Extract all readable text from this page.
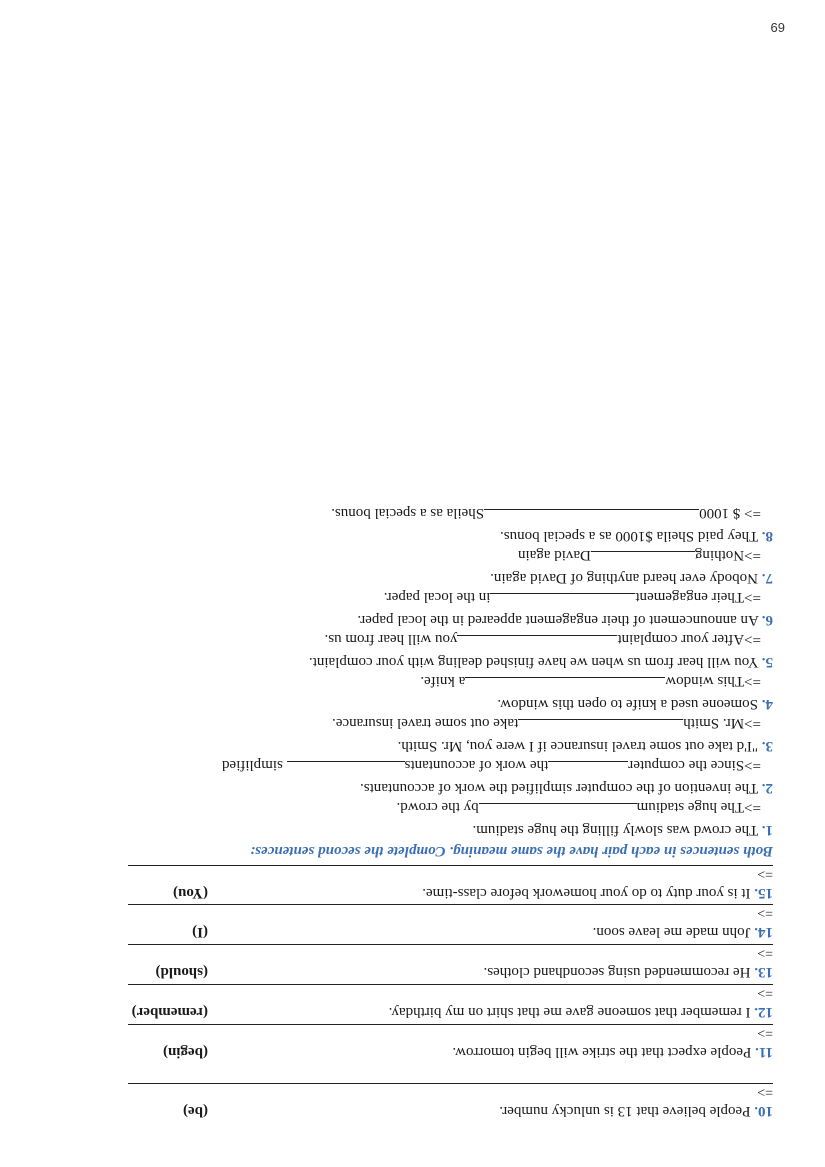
69
10. People believe that 13 is unlucky number.
(be)
=>
11. People expect that the strike will begin tomorrow.
(begin)
=>
12. I remember that someone gave me that shirt on my birthday.
(remember)
=>
13. He recommended using secondhand clothes.
(should)
=>
14. John made me leave soon.
(I)
=>
15. It is your duty to do your homework before class-time.
(You)
=>
Both sentences in each pair have the same meaning. Complete the second sentences:
1. The crowd was slowly filling the huge stadium.
=>The huge stadiumby the crowd.
2. The invention of the computer simplified the work of accountants.
=>Since the computerthe work of accountants simplified
3. "I'd take out some travel insurance if I were you, Mr. Smith.
=>Mr. Smithtake out some travel insurance.
4. Someone used a knife to open this window.
=>This windowa knife.
5. You will hear from us when we have finished dealing with your complaint.
=>After your complaintyou will hear from us.
6. An announcement of their engagement appeared in the local paper.
=>Their engagementin the local paper.
7. Nobody ever heard anything of David again.
=>NothingDavid again
8. They paid Sheila $1000 as a special bonus.
=> $ 1000Sheila as a special bonus.
